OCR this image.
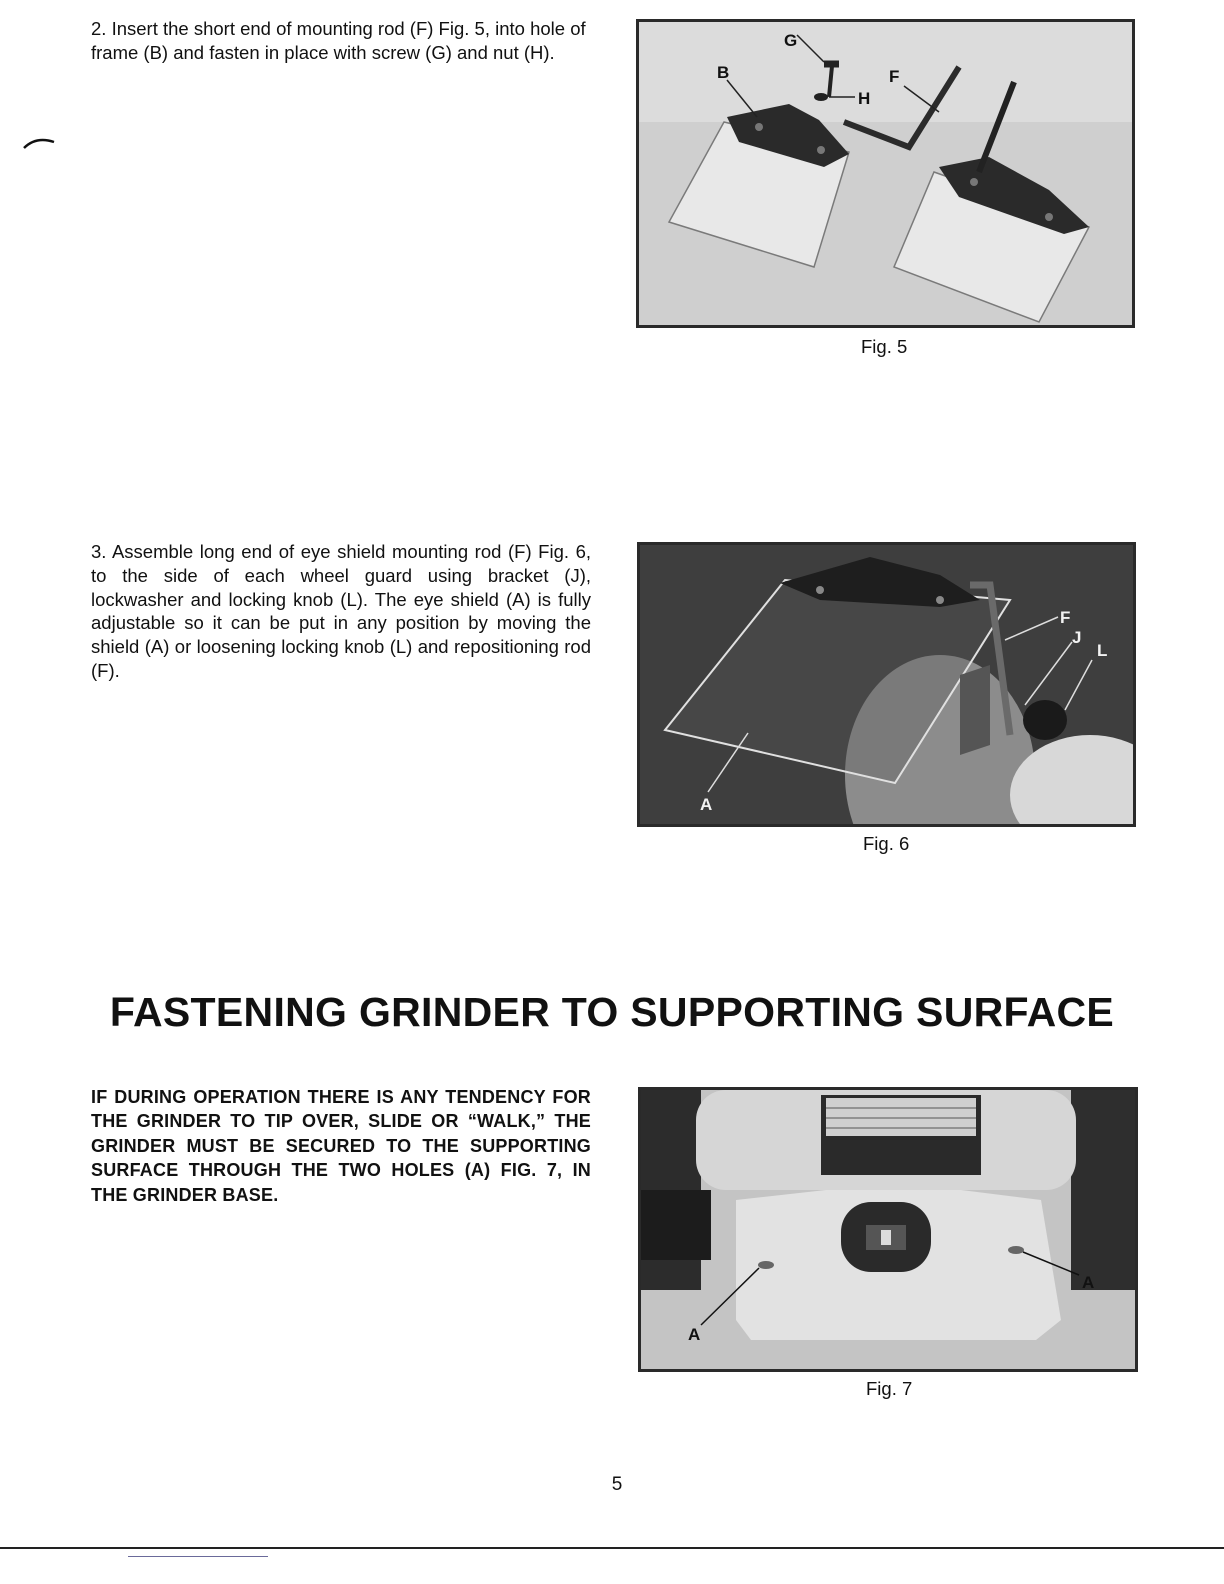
2. Insert the short end of mounting rod (F) Fig. 5, into hole of frame (B) and fasten in place with screw (G) and nut (H).

G
B
H
F

Fig. 5

3. Assemble long end of eye shield mounting rod (F) Fig. 6, to the side of each wheel guard using bracket (J), lockwasher and locking knob (L). The eye shield (A) is fully adjustable so it can be put in any position by moving the shield (A) or loosening locking knob (L) and repositioning rod (F).

F
J
L
A

Fig. 6

FASTENING GRINDER TO SUPPORTING SURFACE

IF DURING OPERATION THERE IS ANY TENDENCY FOR THE GRINDER TO TIP OVER, SLIDE OR “WALK,” THE GRINDER MUST BE SECURED TO THE SUPPORTING SURFACE THROUGH THE TWO HOLES (A) FIG. 7, IN THE GRINDER BASE.

A
A

Fig. 7

5
